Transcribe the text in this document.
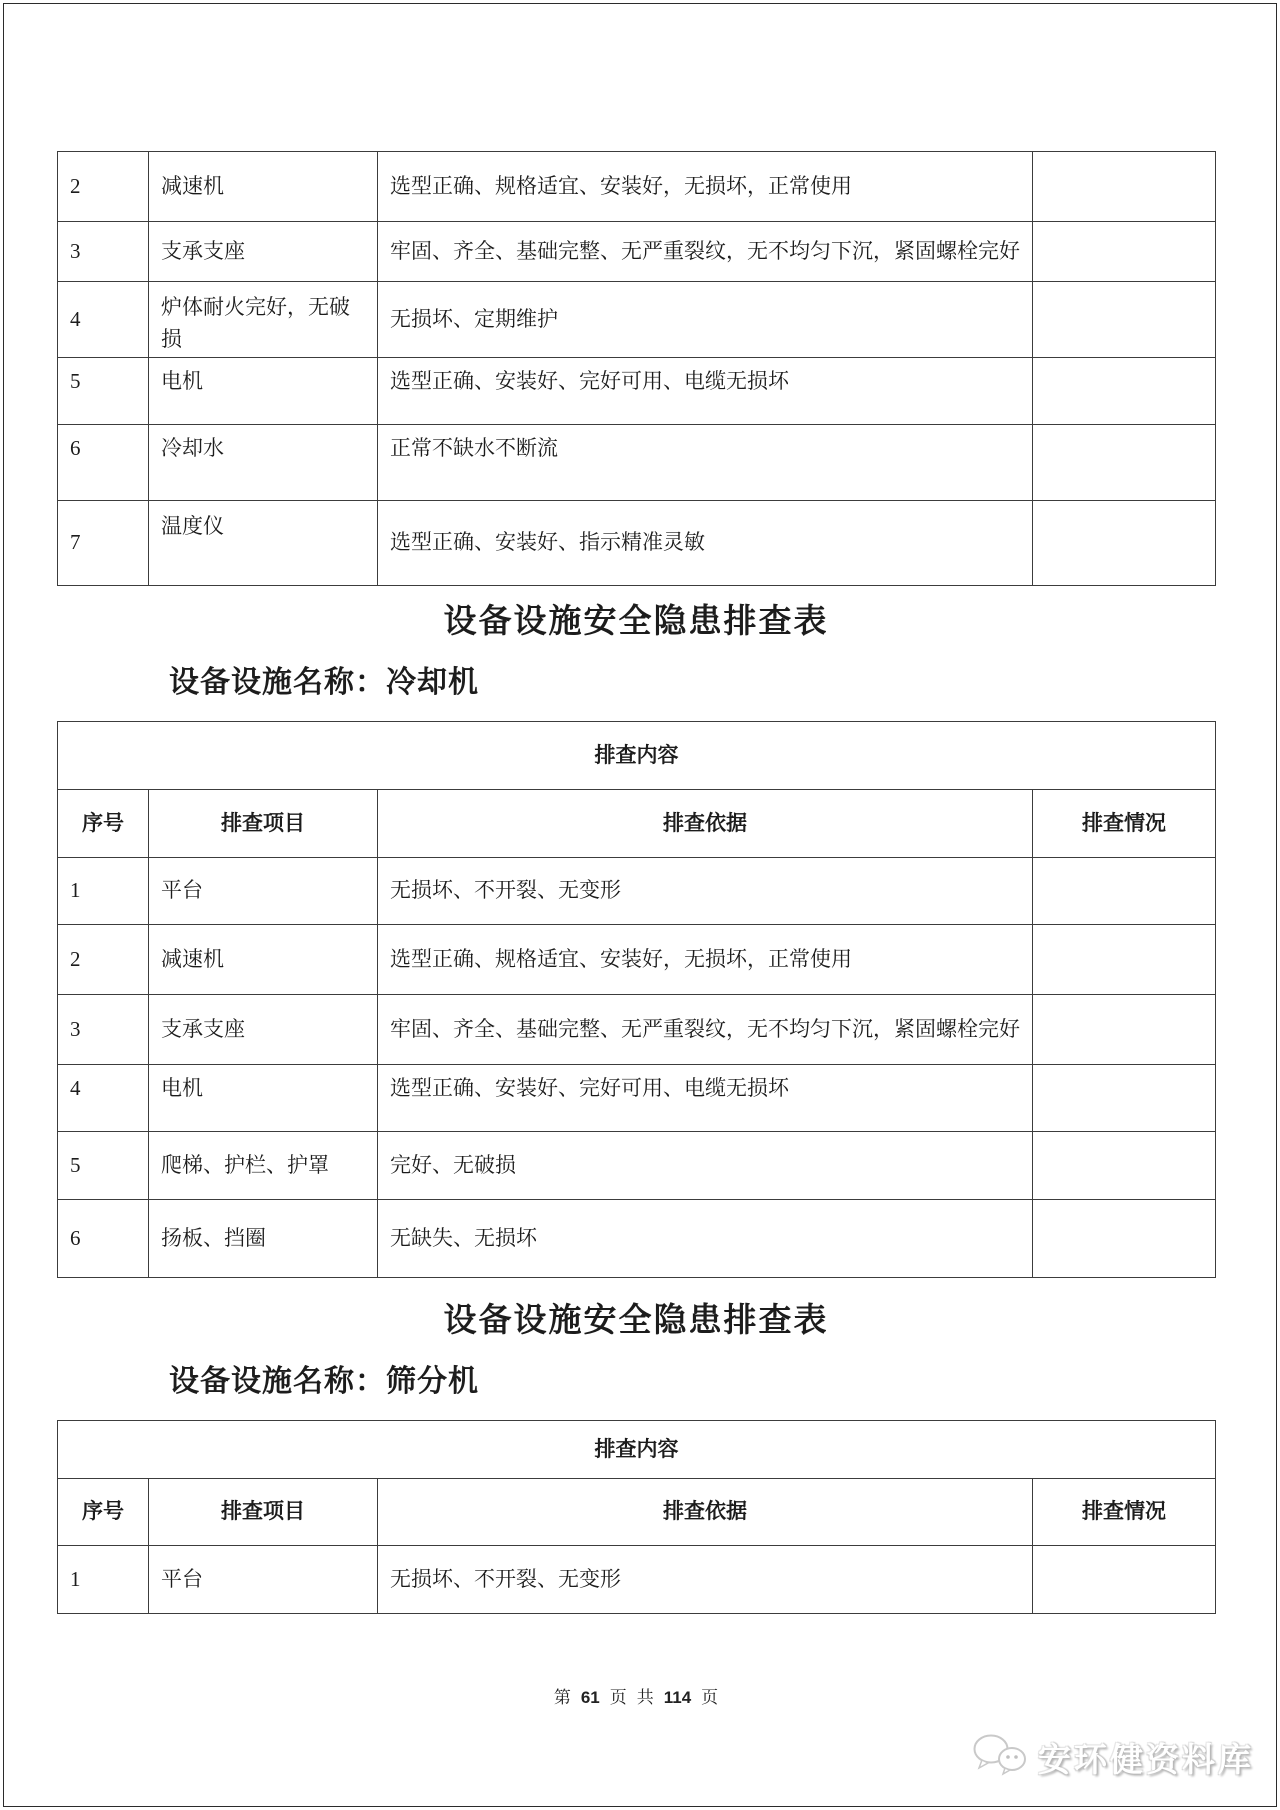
2	减速机	选型正确、规格适宜、安装好，无损坏，正常使用	
3	支承支座	牢固、齐全、基础完整、无严重裂纹，无不均匀下沉，紧固螺栓完好	
4	炉体耐火完好，无破损	无损坏、定期维护	
5	电机	选型正确、安装好、完好可用、电缆无损坏	
6	冷却水	正常不缺水不断流	
7	温度仪	选型正确、安装好、指示精准灵敏	
设备设施安全隐患排查表
设备设施名称：冷却机
排查内容			
序号	排查项目	排查依据	排查情况
1	平台	无损坏、不开裂、无变形	
2	减速机	选型正确、规格适宜、安装好，无损坏，正常使用	
3	支承支座	牢固、齐全、基础完整、无严重裂纹，无不均匀下沉，紧固螺栓完好	
4	电机	选型正确、安装好、完好可用、电缆无损坏	
5	爬梯、护栏、护罩	完好、无破损	
6	扬板、挡圈	无缺失、无损坏	
设备设施安全隐患排查表
设备设施名称：筛分机
排查内容			
序号	排查项目	排查依据	排查情况
1	平台	无损坏、不开裂、无变形	
第 61 页 共 114 页
安环健资料库
